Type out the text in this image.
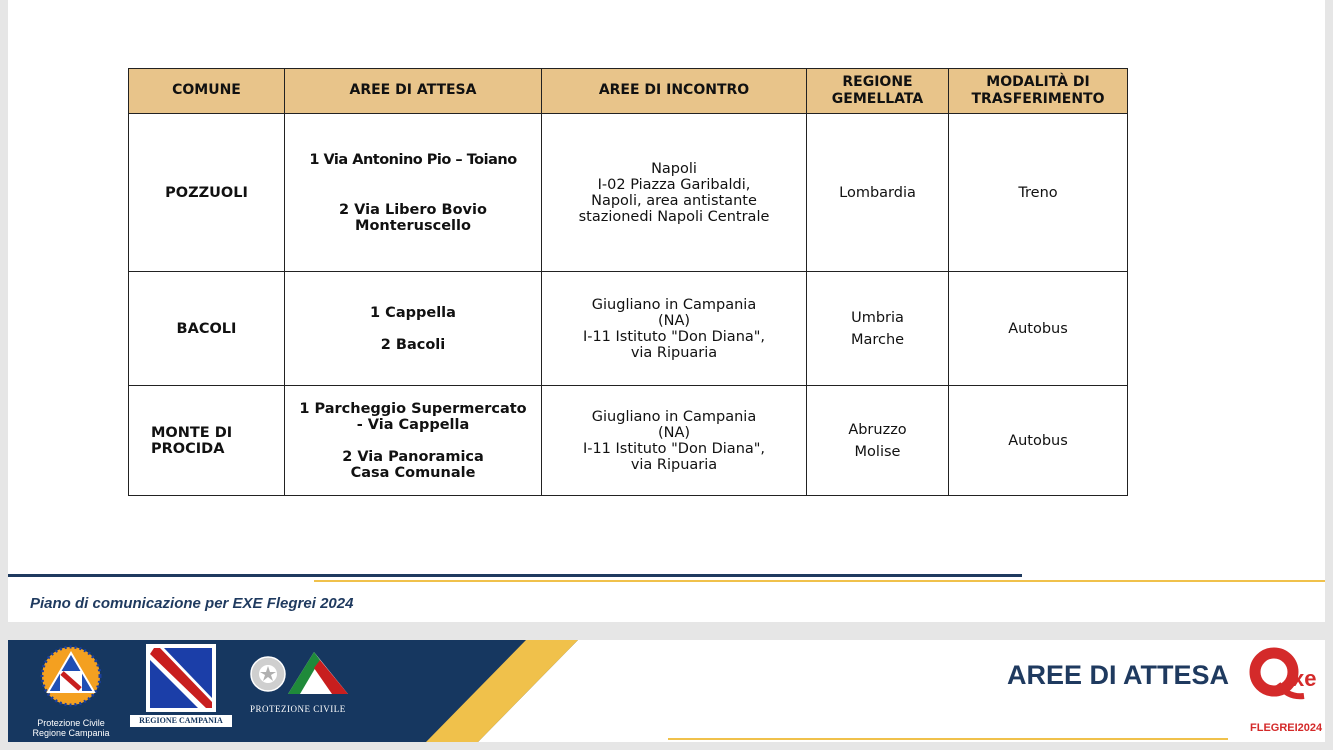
COMUNE	AREE DI ATTESA	AREE DI INCONTRO	REGIONE GEMELLATA	MODALITÀ DI TRASFERIMENTO
POZZUOLI	1 Via Antonino Pio – Toiano
2 Via Libero Bovio
Monteruscello	Napoli
I-02 Piazza Garibaldi,
Napoli, area antistante
stazionedi Napoli Centrale	Lombardia	Treno
BACOLI	1 Cappella
2 Bacoli	Giugliano in Campania
(NA)
I-11 Istituto "Don Diana",
via Ripuaria	Umbria
Marche	Autobus
MONTE DI PROCIDA	1 Parcheggio Supermercato
- Via Cappella
2 Via Panoramica
Casa Comunale	Giugliano in Campania
(NA)
I-11 Istituto "Don Diana",
via Ripuaria	Abruzzo
Molise	Autobus
Piano di comunicazione per EXE Flegrei 2024
Protezione Civile
Regione Campania
REGIONE CAMPANIA
PROTEZIONE CIVILE
AREE DI ATTESA	xe
FLEGREI2024
